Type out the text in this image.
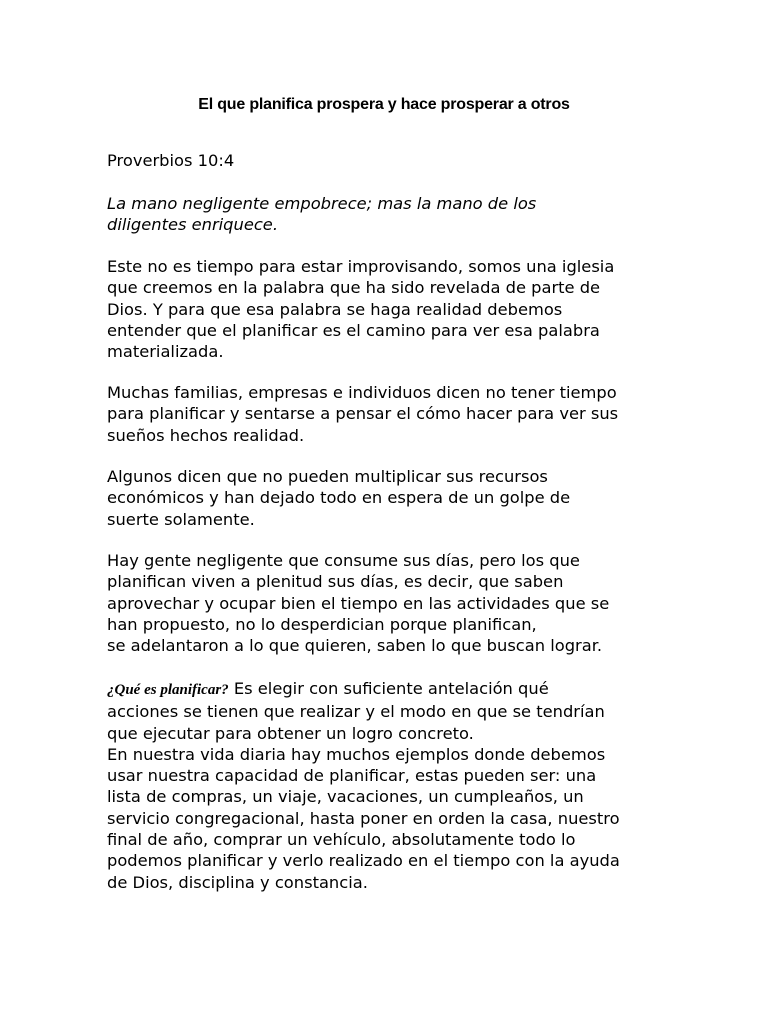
El que planifica prospera y hace prosperar a otros

Proverbios 10:4

La mano negligente empobrece; mas la mano de los
diligentes enriquece.

Este no es tiempo para estar improvisando, somos una iglesia
que creemos en la palabra que ha sido revelada de parte de
Dios. Y para que esa palabra se haga realidad debemos
entender que el planificar es el camino para ver esa palabra
materializada.

Muchas familias, empresas e individuos dicen no tener tiempo
para planificar y sentarse a pensar el cómo hacer para ver sus
sueños hechos realidad.

Algunos dicen que no pueden multiplicar sus recursos
económicos y han dejado todo en espera de un golpe de
suerte solamente.

Hay gente negligente que consume sus días, pero los que
planifican viven a plenitud sus días, es decir, que saben
aprovechar y ocupar bien el tiempo en las actividades que se
han propuesto, no lo desperdician porque planifican,
se adelantaron a lo que quieren, saben lo que buscan lograr.

¿Qué es planificar? Es elegir con suficiente antelación qué
acciones se tienen que realizar y el modo en que se tendrían
que ejecutar para obtener un logro concreto.
En nuestra vida diaria hay muchos ejemplos donde debemos
usar nuestra capacidad de planificar, estas pueden ser: una
lista de compras, un viaje, vacaciones, un cumpleaños, un
servicio congregacional, hasta poner en orden la casa, nuestro
final de año, comprar un vehículo, absolutamente todo lo
podemos planificar y verlo realizado en el tiempo con la ayuda
de Dios, disciplina y constancia.
